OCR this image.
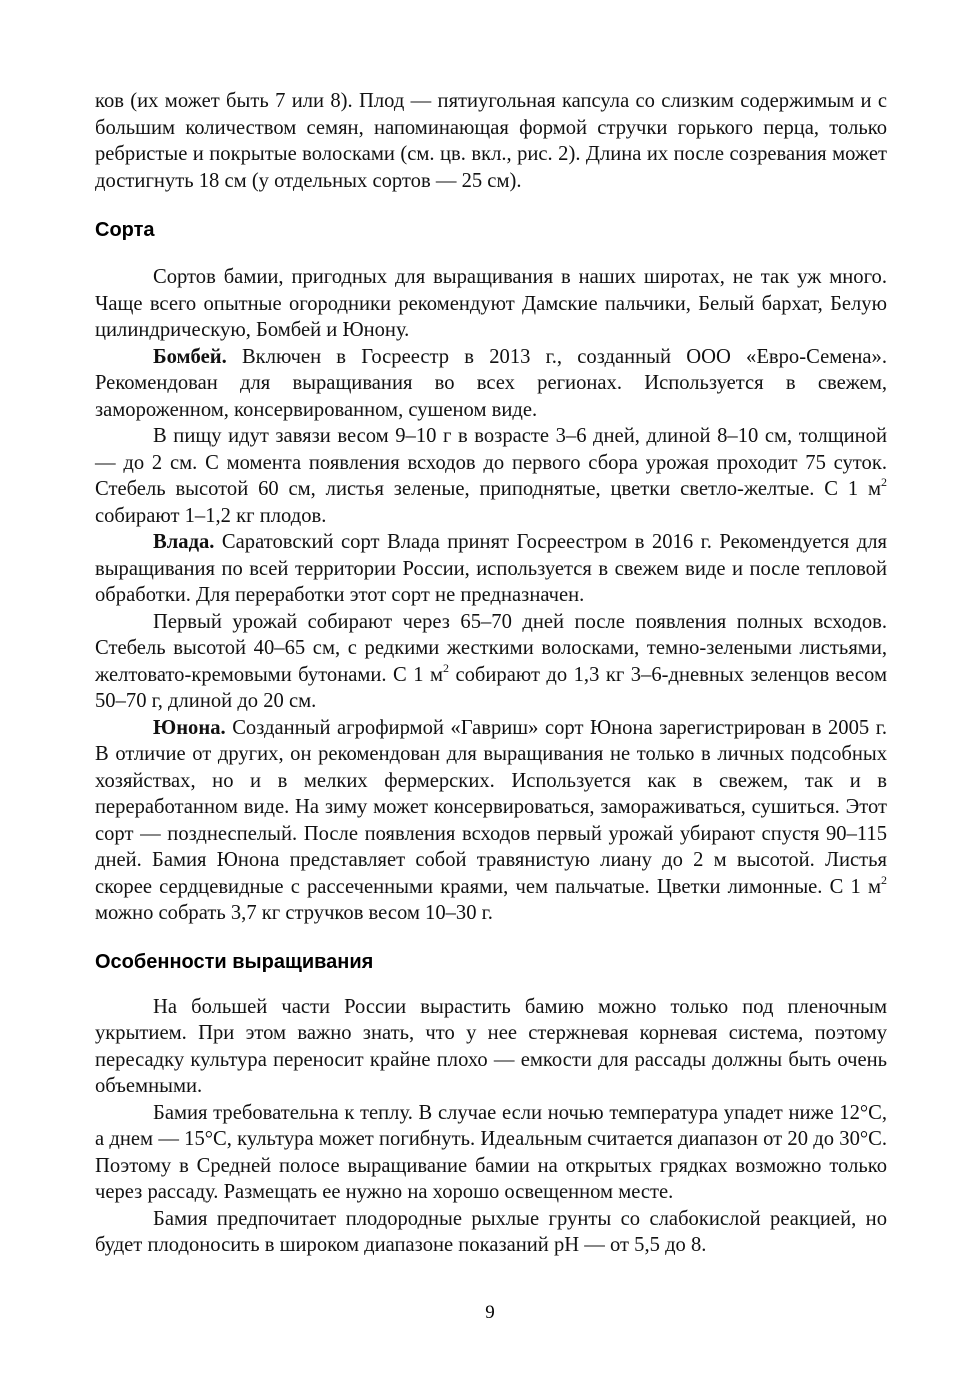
ков (их может быть 7 или 8). Плод — пятиугольная капсула со слизким содержимым и с большим количеством семян, напоминающая формой стручки горького перца, только ребристые и покрытые волосками (см. цв. вкл., рис. 2). Длина их после созревания может достигнуть 18 см (у отдельных сортов — 25 см).

Сорта

Сортов бамии, пригодных для выращивания в наших широтах, не так уж много. Чаще всего опытные огородники рекомендуют Дамские пальчики, Белый бархат, Белую цилиндрическую, Бомбей и Юнону.

Бомбей. Включен в Госреестр в 2013 г., созданный ООО «Евро-Семена». Рекомендован для выращивания во всех регионах. Используется в свежем, замороженном, консервированном, сушеном виде.

В пищу идут завязи весом 9–10 г в возрасте 3–6 дней, длиной 8–10 см, толщиной — до 2 см. С момента появления всходов до первого сбора урожая проходит 75 суток. Стебель высотой 60 см, листья зеленые, приподнятые, цветки светло-желтые. С 1 $м^2$ собирают 1–1,2 кг плодов.

Влада. Саратовский сорт Влада принят Госреестром в 2016 г. Рекомендуется для выращивания по всей территории России, используется в свежем виде и после тепловой обработки. Для переработки этот сорт не предназначен.

Первый урожай собирают через 65–70 дней после появления полных всходов. Стебель высотой 40–65 см, с редкими жесткими волосками, темно-зелеными листьями, желтовато-кремовыми бутонами. С 1 $м^2$ собирают до 1,3 кг 3–6-дневных зеленцов весом 50–70 г, длиной до 20 см.

Юнона. Созданный агрофирмой «Гавриш» сорт Юнона зарегистрирован в 2005 г. В отличие от других, он рекомендован для выращивания не только в личных подсобных хозяйствах, но и в мелких фермерских. Используется как в свежем, так и в переработанном виде. На зиму может консервироваться, замораживаться, сушиться. Этот сорт — позднеспелый. После появления всходов первый урожай убирают спустя 90–115 дней. Бамия Юнона представляет собой травянистую лиану до 2 м высотой. Листья скорее сердцевидные с рассеченными краями, чем пальчатые. Цветки лимонные. С 1 $м^2$ можно собрать 3,7 кг стручков весом 10–30 г.

Особенности выращивания

На большей части России вырастить бамию можно только под пленочным укрытием. При этом важно знать, что у нее стержневая корневая система, поэтому пересадку культура переносит крайне плохо — емкости для рассады должны быть очень объемными.

Бамия требовательна к теплу. В случае если ночью температура упадет ниже 12°С, а днем — 15°С, культура может погибнуть. Идеальным считается диапазон от 20 до 30°С. Поэтому в Средней полосе выращивание бамии на открытых грядках возможно только через рассаду. Размещать ее нужно на хорошо освещенном месте.

Бамия предпочитает плодородные рыхлые грунты со слабокислой реакцией, но будет плодоносить в широком диапазоне показаний pH — от 5,5 до 8.

9
